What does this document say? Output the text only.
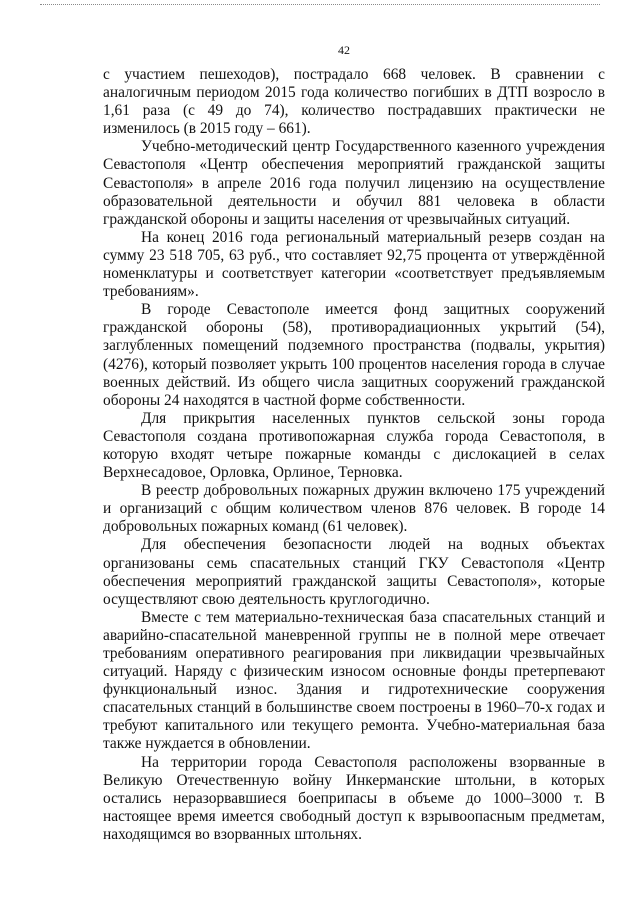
42

с участием пешеходов), пострадало 668 человек. В сравнении с аналогичным периодом 2015 года количество погибших в ДТП возросло в 1,61 раза (с 49 до 74), количество пострадавших практически не изменилось (в 2015 году – 661).

Учебно-методический центр Государственного казенного учреждения Севастополя «Центр обеспечения мероприятий гражданской защиты Севастополя» в апреле 2016 года получил лицензию на осуществление образовательной деятельности и обучил 881 человека в области гражданской обороны и защиты населения от чрезвычайных ситуаций.

На конец 2016 года региональный материальный резерв создан на сумму 23 518 705, 63 руб., что составляет 92,75 процента от утверждённой номенклатуры и соответствует категории «соответствует предъявляемым требованиям».

В городе Севастополе имеется фонд защитных сооружений гражданской обороны (58), противорадиационных укрытий (54), заглубленных помещений подземного пространства (подвалы, укрытия) (4276), который позволяет укрыть 100 процентов населения города в случае военных действий. Из общего числа защитных сооружений гражданской обороны 24 находятся в частной форме собственности.

Для прикрытия населенных пунктов сельской зоны города Севастополя создана противопожарная служба города Севастополя, в которую входят четыре пожарные команды с дислокацией в селах Верхнесадовое, Орловка, Орлиное, Терновка.

В реестр добровольных пожарных дружин включено 175 учреждений и организаций с общим количеством членов 876 человек. В городе 14 добровольных пожарных команд (61 человек).

Для обеспечения безопасности людей на водных объектах организованы семь спасательных станций ГКУ Севастополя «Центр обеспечения мероприятий гражданской защиты Севастополя», которые осуществляют свою деятельность круглогодично.

Вместе с тем материально-техническая база спасательных станций и аварийно-спасательной маневренной группы не в полной мере отвечает требованиям оперативного реагирования при ликвидации чрезвычайных ситуаций. Наряду с физическим износом основные фонды претерпевают функциональный износ. Здания и гидротехнические сооружения спасательных станций в большинстве своем построены в 1960–70-х годах и требуют капитального или текущего ремонта. Учебно-материальная база также нуждается в обновлении.

На территории города Севастополя расположены взорванные в Великую Отечественную войну Инкерманские штольни, в которых остались неразорвавшиеся боеприпасы в объеме до 1000–3000 т. В настоящее время имеется свободный доступ к взрывоопасным предметам, находящимся во взорванных штольнях.
